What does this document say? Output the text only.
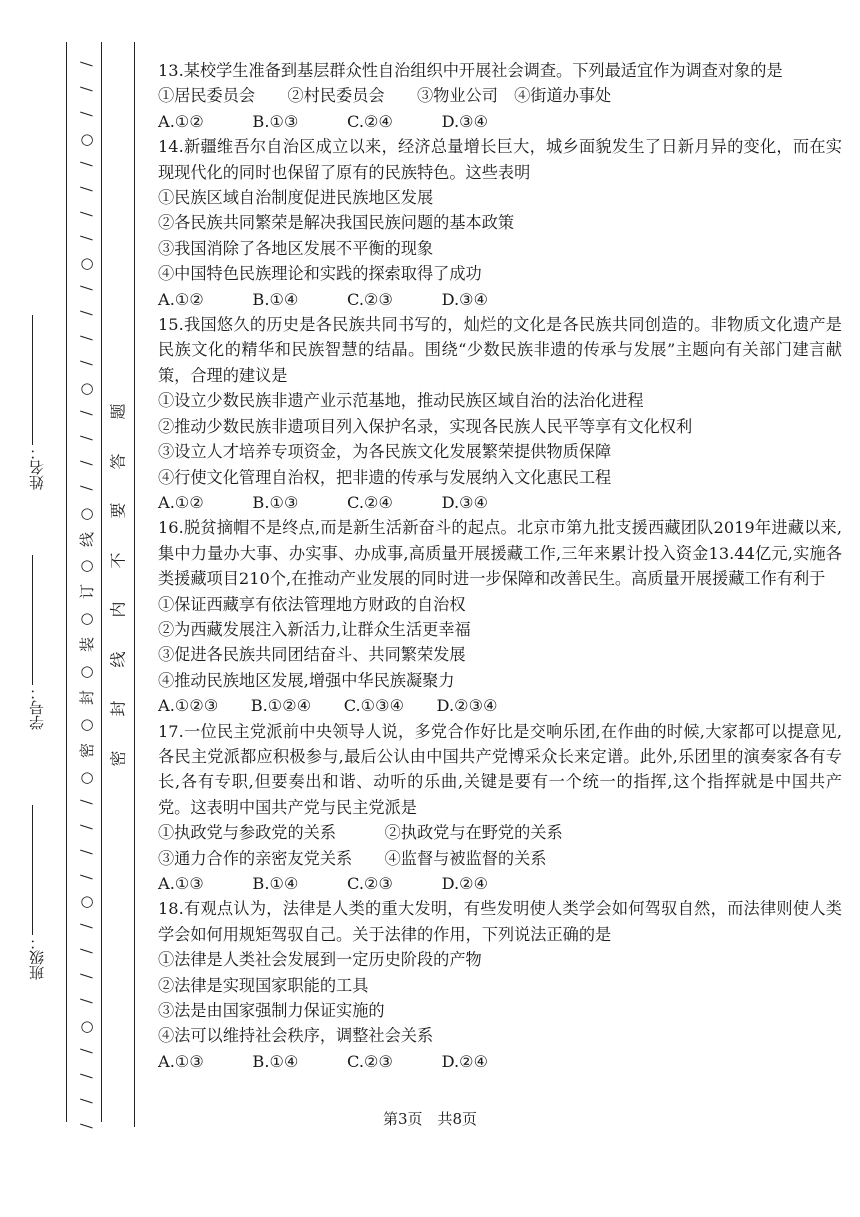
班级：
学号：
姓名：
/
/
/
○
/
/
/
/
○
/
/
/
/
○
/
/
/
/
○
线
○
订
○
装
○
封
○
密
○
/
/
/
/
○
/
/
/
/
○
/
/
/
/
题
答
要
不
内
线
封
密

13.某校学生准备到基层群众性自治组织中开展社会调查。下列最适宜作为调查对象的是

①居民委员会　　②村民委员会　　③物业公司　④街道办事处

A.①②　　　B.①③　　　C.②④　　　D.③④

14.新疆维吾尔自治区成立以来，经济总量增长巨大，城乡面貌发生了日新月异的变化，而在实现现代化的同时也保留了原有的民族特色。这些表明

①民族区域自治制度促进民族地区发展

②各民族共同繁荣是解决我国民族问题的基本政策

③我国消除了各地区发展不平衡的现象

④中国特色民族理论和实践的探索取得了成功

A.①②　　　B.①④　　　C.②③　　　D.③④

15.我国悠久的历史是各民族共同书写的，灿烂的文化是各民族共同创造的。非物质文化遗产是民族文化的精华和民族智慧的结晶。围绕“少数民族非遗的传承与发展”主题向有关部门建言献策，合理的建议是

①设立少数民族非遗产业示范基地，推动民族区域自治的法治化进程

②推动少数民族非遗项目列入保护名录，实现各民族人民平等享有文化权利

③设立人才培养专项资金，为各民族文化发展繁荣提供物质保障

④行使文化管理自治权，把非遗的传承与发展纳入文化惠民工程

A.①②　　　B.①③　　　C.②④　　　D.③④

16.脱贫摘帽不是终点,而是新生活新奋斗的起点。北京市第九批支援西藏团队2019年进藏以来,集中力量办大事、办实事、办成事,高质量开展援藏工作,三年来累计投入资金13.44亿元,实施各类援藏项目210个,在推动产业发展的同时进一步保障和改善民生。高质量开展援藏工作有利于

①保证西藏享有依法管理地方财政的自治权

②为西藏发展注入新活力,让群众生活更幸福

③促进各民族共同团结奋斗、共同繁荣发展

④推动民族地区发展,增强中华民族凝聚力

A.①②③　　B.①②④　　C.①③④　　D.②③④

17.一位民主党派前中央领导人说，多党合作好比是交响乐团,在作曲的时候,大家都可以提意见,各民主党派都应积极参与,最后公认由中国共产党博采众长来定谱。此外,乐团里的演奏家各有专长,各有专职,但要奏出和谐、动听的乐曲,关键是要有一个统一的指挥,这个指挥就是中国共产党。这表明中国共产党与民主党派是

①执政党与参政党的关系　　　②执政党与在野党的关系

③通力合作的亲密友党关系　　④监督与被监督的关系

A.①③　　　B.①④　　　C.②③　　　D.②④

18.有观点认为，法律是人类的重大发明，有些发明使人类学会如何驾驭自然，而法律则使人类学会如何用规矩驾驭自己。关于法律的作用，下列说法正确的是

①法律是人类社会发展到一定历史阶段的产物

②法律是实现国家职能的工具

③法是由国家强制力保证实施的

④法可以维持社会秩序，调整社会关系

A.①③　　　B.①④　　　C.②③　　　D.②④

第3页　共8页
